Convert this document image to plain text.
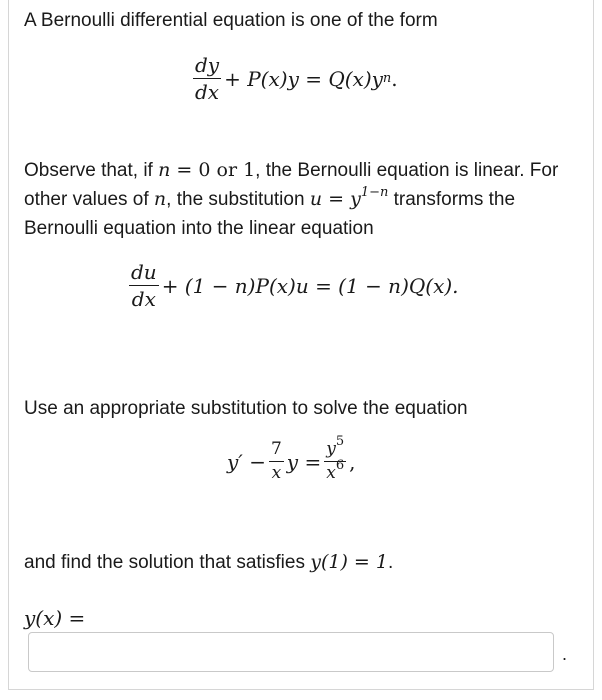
A Bernoulli differential equation is one of the form

$\frac{dy}{dx} + P(x)y = Q(x)y$ n .

Observe that, if n = 0 or 1, the Bernoulli equation is linear. For

other values of n, the substitution $u = y^{1-n}$ transforms the

Bernoulli equation into the linear equation

$\frac{du}{dx} + (1 - n)P(x)u = (1 - n)Q(x)$.

Use an appropriate substitution to solve the equation

$y' - \frac{7}{x}$ $y = \frac{y^5}{x^6}$ ,

and find the solution that satisfies y(1) = 1.

y(x) =
.
